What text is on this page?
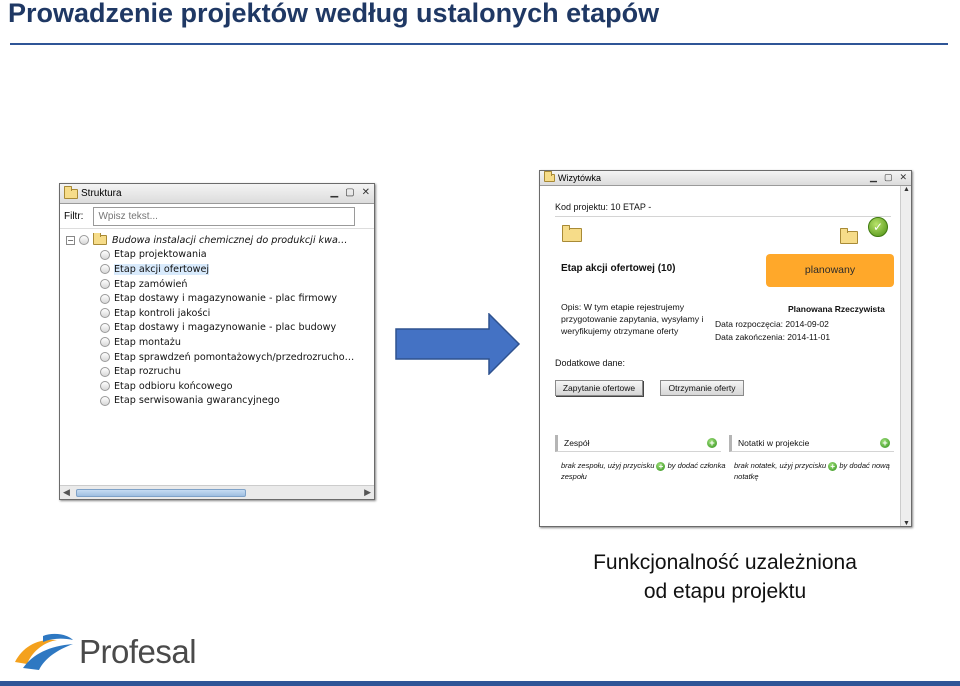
Prowadzenie projektów według ustalonych etapów
Struktura	▁ ▢ ✕
Filtr:
Wpisz tekst...
−	Budowa instalacji chemicznej do produkcji kwa…
Etap projektowania
Etap akcji ofertowej
Etap zamówień
Etap dostawy i magazynowanie - plac firmowy
Etap kontroli jakości
Etap dostawy i magazynowanie - plac budowy
Etap montażu
Etap sprawdzeń pomontażowych/przedrozrucho…
Etap rozruchu
Etap odbioru końcowego
Etap serwisowania gwarancyjnego
◀	▶
Wizytówka	▁ ▢ ✕
▲
▼
Kod projektu: 10 ETAP -
✓
Etap akcji ofertowej (10)	planowany
Opis: W tym etapie rejestrujemy przygotowanie zapytania, wysyłamy i weryfikujemy otrzymane oferty
Planowana Rzeczywista
Data rozpoczęcia: 2014-09-02
Data zakończenia: 2014-11-01
Dodatkowe dane:
Zapytanie ofertowe	Otrzymanie oferty
Zespół	+	Notatki w projekcie	+
brak zespołu, użyj przycisku + by dodać członka zespołu
brak notatek, użyj przycisku + by dodać nową notatkę
Funkcjonalność uzależniona
od etapu projektu
Profesal
